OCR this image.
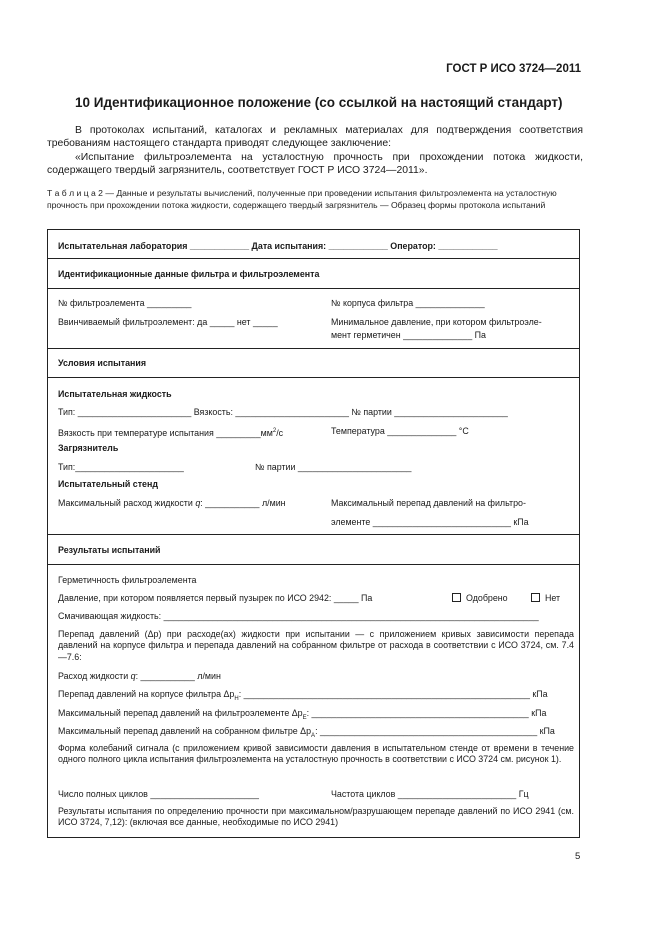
ГОСТ Р ИСО 3724—2011
10 Идентификационное положение (со ссылкой на настоящий стандарт)
В протоколах испытаний, каталогах и рекламных материалах для подтверждения соответствия требованиям настоящего стандарта приводят следующее заключение:
«Испытание фильтроэлемента на усталостную прочность при прохождении потока жидкости, содержащего твердый загрязнитель, соответствует ГОСТ Р ИСО 3724—2011».
Т а б л и ц а 2 — Данные и результаты вычислений, полученные при проведении испытания фильтроэлемента на усталостную прочность при прохождении потока жидкости, содержащего твердый загрязнитель — Образец формы протокола испытаний
Испытательная лаборатория ____________ Дата испытания: ____________ Оператор: ____________
Идентификационные данные фильтра и фильтроэлемента
№ фильтроэлемента _________	№ корпуса фильтра ______________
Ввинчиваемый фильтроэлемент: да _____ нет _____	Минимальное давление, при котором фильтроэле-
мент герметичен ______________ Па
Условия испытания
Испытательная жидкость
Тип: _______________________ Вязкость: _______________________ № партии _______________________
Вязкость при температуре испытания $\_\_\_\_\_\_\_\_\_мм^2/с$	Температура ______________ °С
Загрязнитель
Тип:______________________	№ партии _______________________
Испытательный стенд
Максимальный расход жидкости q: ___________ л/мин	Максимальный перепад давлений на фильтро-
элементе ____________________________ кПа
Результаты испытаний
Герметичность фильтроэлемента
Давление, при котором появляется первый пузырек по ИСО 2942: _____ Па	Одобрено	Нет
Смачивающая жидкость: ____________________________________________________________________________
Перепад давлений (Δp) при расходе(ах) жидкости при испытании — с приложением кривых зависимости перепада давлений на корпусе фильтра и перепада давлений на собранном фильтре от расхода в соответствии с ИСО 3724, см. 7.4—7.6:
Расход жидкости q: ___________ л/мин
Перепад давлений на корпусе фильтра $\Delta p_H$: __________________________________________________________ кПа
Максимальный перепад давлений на фильтроэлементе $\Delta p_E$: ____________________________________________ кПа
Максимальный перепад давлений на собранном фильтре $\Delta p_A$: ____________________________________________ кПа
Форма колебаний сигнала (с приложением кривой зависимости давления в испытательном стенде от времени в течение одного полного цикла испытания фильтроэлемента на усталостную прочность в соответствии с ИСО 3724 см. рисунок 1).
Число полных циклов ______________________	Частота циклов ________________________ Гц
Результаты испытания по определению прочности при максимальном/разрушающем перепаде давлений по ИСО 2941 (см. ИСО 3724, 7,12): (включая все данные, необходимые по ИСО 2941)
5
